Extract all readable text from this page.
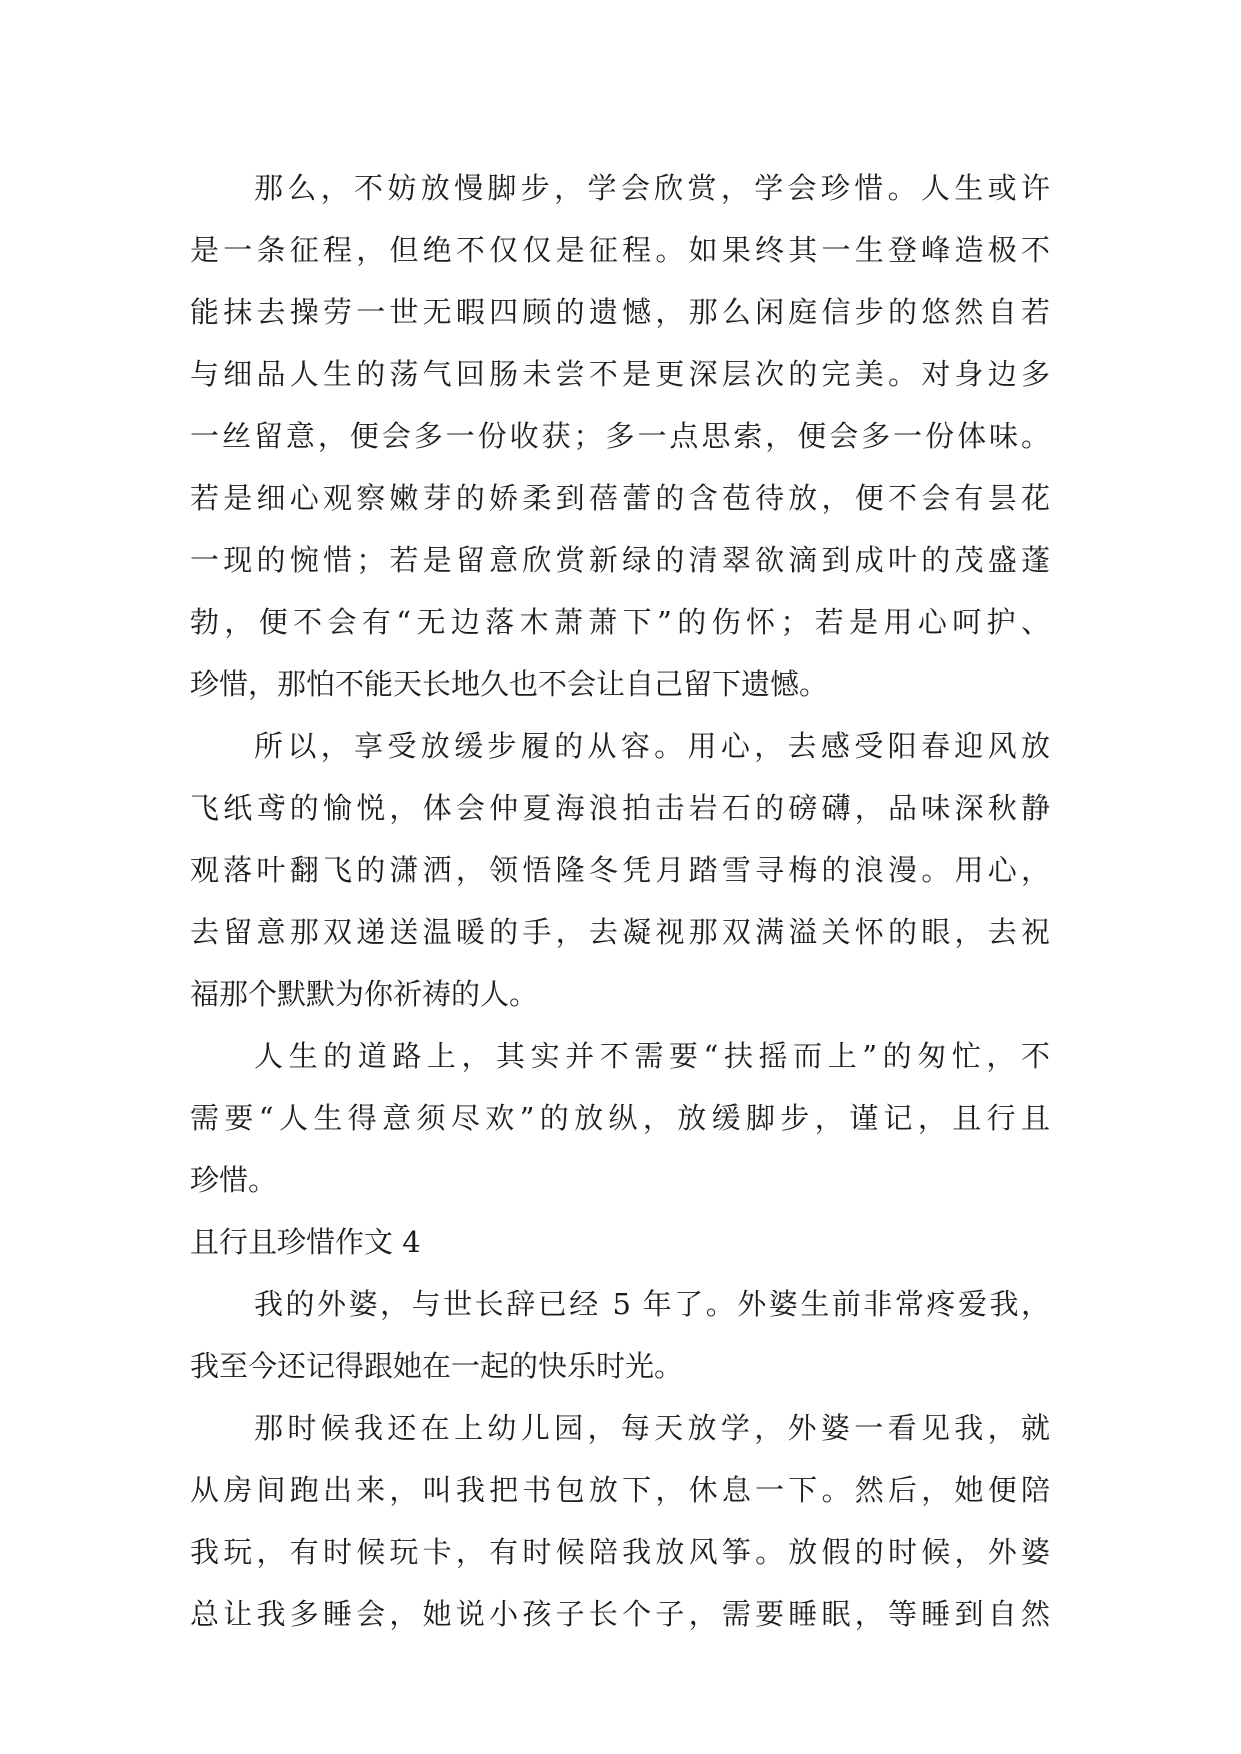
那么，不妨放慢脚步，学会欣赏，学会珍惜。人生或许
是一条征程，但绝不仅仅是征程。如果终其一生登峰造极不
能抹去操劳一世无暇四顾的遗憾，那么闲庭信步的悠然自若
与细品人生的荡气回肠未尝不是更深层次的完美。对身边多
一丝留意，便会多一份收获；多一点思索，便会多一份体味。
若是细心观察嫩芽的娇柔到蓓蕾的含苞待放，便不会有昙花
一现的惋惜；若是留意欣赏新绿的清翠欲滴到成叶的茂盛蓬
勃，便不会有“无边落木萧萧下”的伤怀；若是用心呵护、
珍惜，那怕不能天长地久也不会让自己留下遗憾。
所以，享受放缓步履的从容。用心，去感受阳春迎风放
飞纸鸢的愉悦，体会仲夏海浪拍击岩石的磅礴，品味深秋静
观落叶翻飞的潇洒，领悟隆冬凭月踏雪寻梅的浪漫。用心，
去留意那双递送温暖的手，去凝视那双满溢关怀的眼，去祝
福那个默默为你祈祷的人。
人生的道路上，其实并不需要“扶摇而上”的匆忙，不
需要“人生得意须尽欢”的放纵，放缓脚步，谨记，且行且
珍惜。
且行且珍惜作文 4
我的外婆，与世长辞已经 5 年了。外婆生前非常疼爱我，
我至今还记得跟她在一起的快乐时光。
那时候我还在上幼儿园，每天放学，外婆一看见我，就
从房间跑出来，叫我把书包放下，休息一下。然后，她便陪
我玩，有时候玩卡，有时候陪我放风筝。放假的时候，外婆
总让我多睡会，她说小孩子长个子，需要睡眠，等睡到自然
